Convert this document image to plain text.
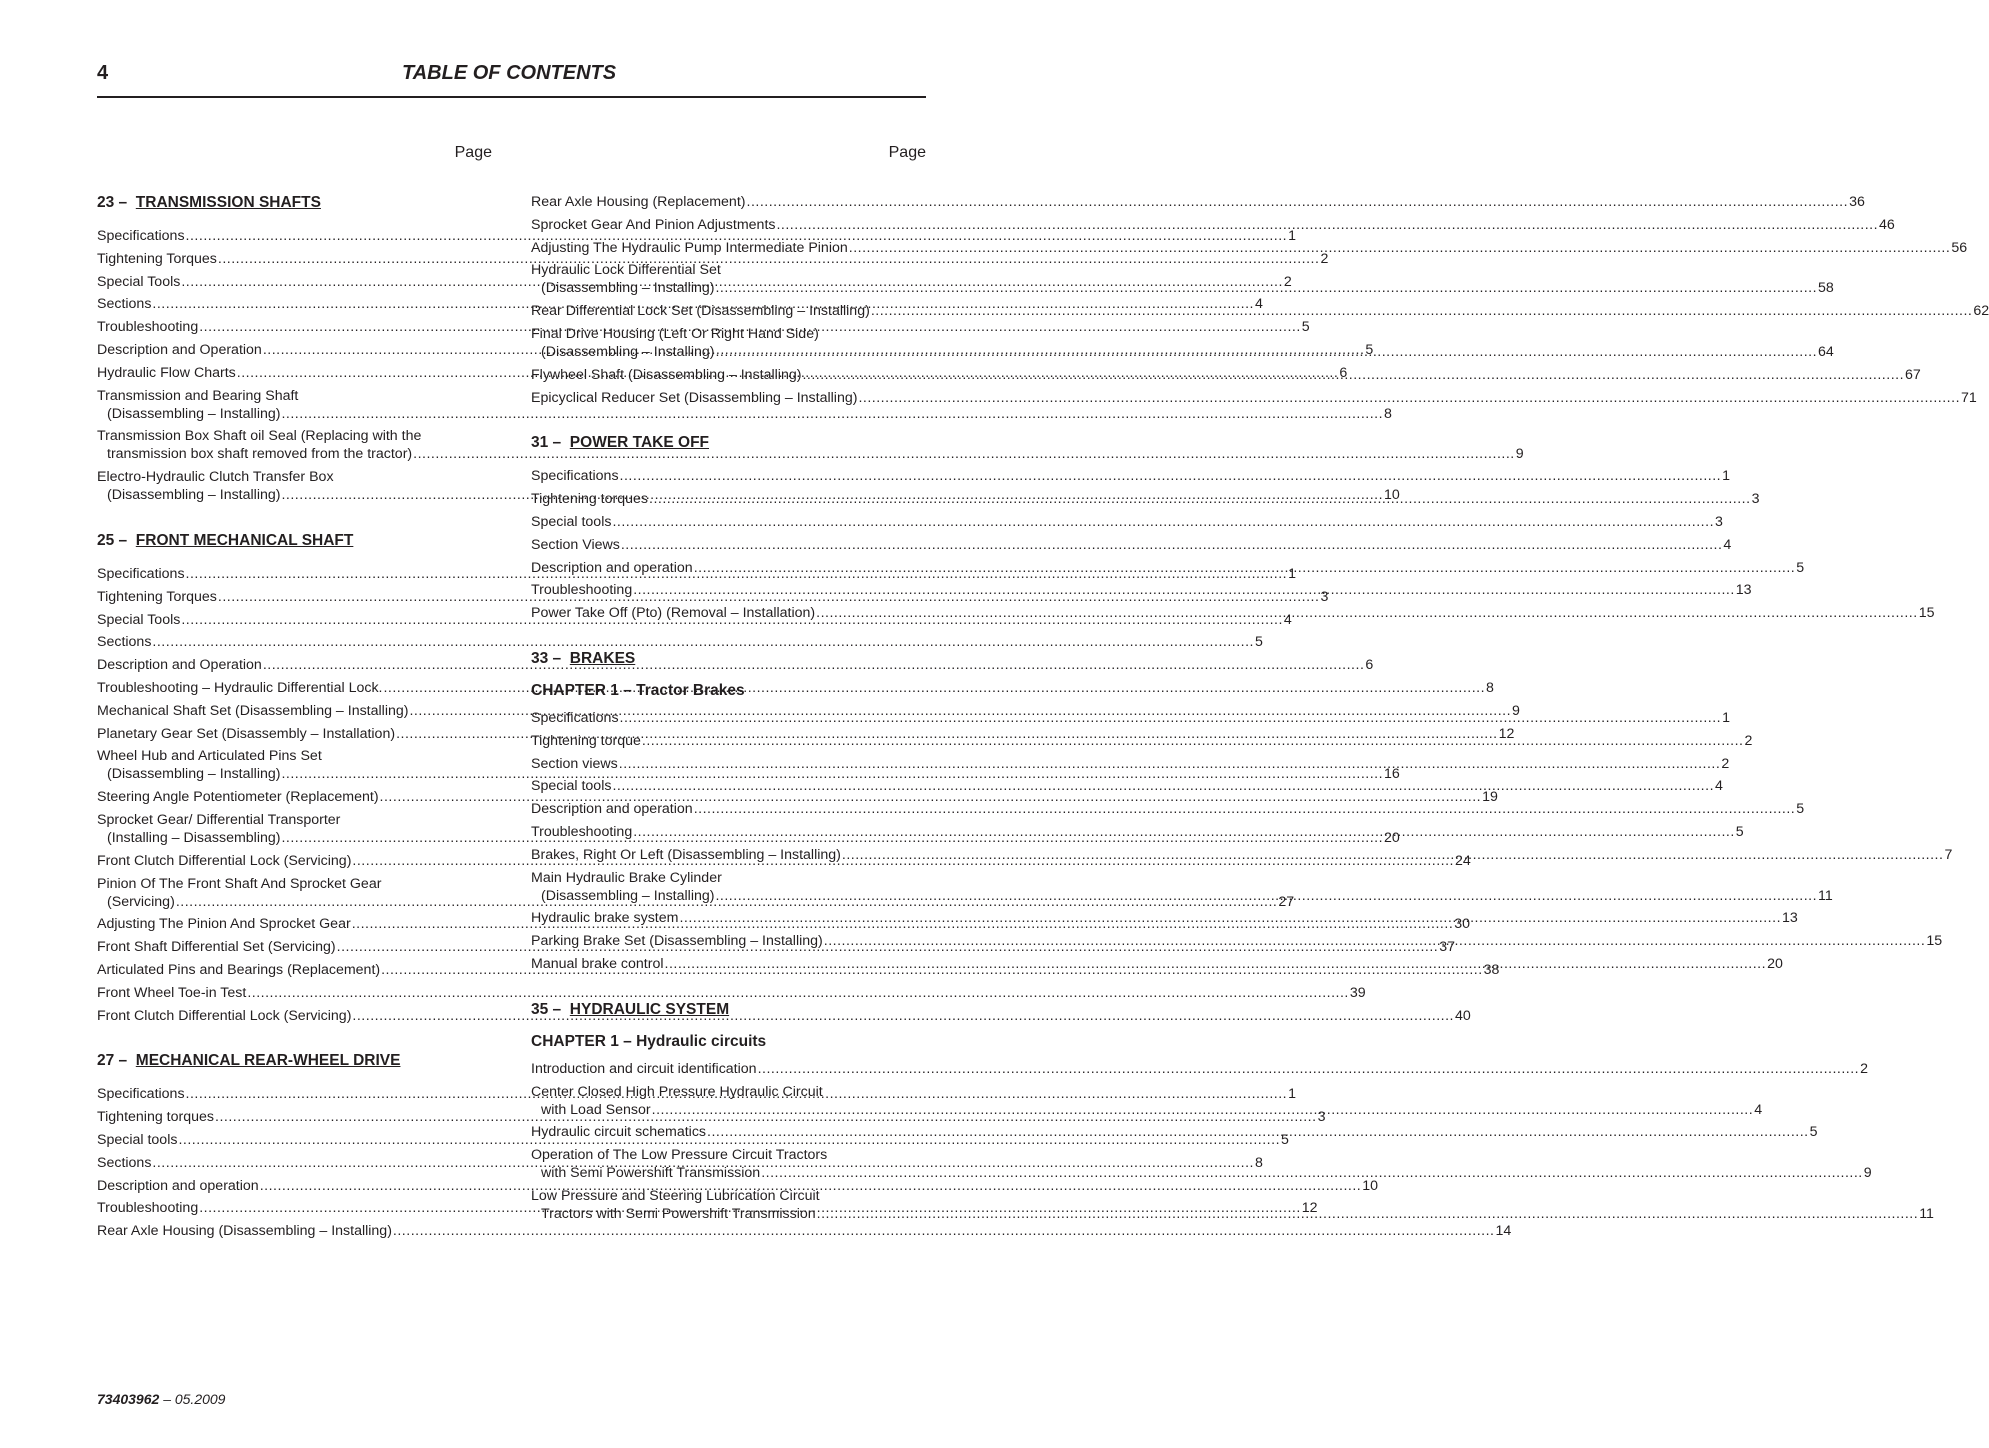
4	TABLE OF CONTENTS
Page
23 – TRANSMISSION SHAFTS
Specifications .....	1
Tightening Torques .....	2
Special Tools .....	2
Sections .....	4
Troubleshooting .....	5
Description and Operation .....	5
Hydraulic Flow Charts .....	6
Transmission and Bearing Shaft
(Disassembling – Installing) .....	8
Transmission Box Shaft oil Seal (Replacing with the
transmission box shaft removed from the tractor) .....	9
Electro-Hydraulic Clutch Transfer Box
(Disassembling – Installing) .....	10
25 – FRONT MECHANICAL SHAFT
Specifications .....	1
Tightening Torques .....	3
Special Tools .....	4
Sections .....	5
Description and Operation .....	6
Troubleshooting – Hydraulic Differential Lock. .....	8
Mechanical Shaft Set (Disassembling – Installing) .....	9
Planetary Gear Set (Disassembly – Installation) .....	12
Wheel Hub and Articulated Pins Set
(Disassembling – Installing) .....	16
Steering Angle Potentiometer (Replacement) .....	19
Sprocket Gear/ Differential Transporter
(Installing – Disassembling) .....	20
Front Clutch Differential Lock (Servicing) .....	24
Pinion Of The Front Shaft And Sprocket Gear
(Servicing) .....	27
Adjusting The Pinion And Sprocket Gear .....	30
Front Shaft Differential Set (Servicing) .....	37
Articulated Pins and Bearings (Replacement) .....	38
Front Wheel Toe-in Test .....	39
Front Clutch Differential Lock (Servicing) .....	40
27 – MECHANICAL REAR-WHEEL DRIVE
Specifications .....	1
Tightening torques .....	3
Special tools .....	5
Sections .....	8
Description and operation .....	10
Troubleshooting .....	12
Rear Axle Housing (Disassembling – Installing) .....	14
Page
Rear Axle Housing (Replacement) .....	36
Sprocket Gear And Pinion Adjustments .....	46
Adjusting The Hydraulic Pump Intermediate Pinion .....	56
Hydraulic Lock Differential Set
(Disassembling – Installing) .....	58
Rear Differential Lock Set (Disassembling – Installing) .....	62
Final Drive Housing (Left Or Right Hand Side)
(Disassembling – Installing) .....	64
Flywheel Shaft (Disassembling – Installing) .....	67
Epicyclical Reducer Set (Disassembling – Installing) .....	71
31 – POWER TAKE OFF
Specifications .....	1
Tightening torques .....	3
Special tools .....	3
Section Views .....	4
Description and operation .....	5
Troubleshooting .....	13
Power Take Off (Pto) (Removal – Installation) .....	15
33 – BRAKES
CHAPTER 1 – Tractor Brakes
Specifications .....	1
Tightening torque .....	2
Section views .....	2
Special tools .....	4
Description and operation .....	5
Troubleshooting .....	5
Brakes, Right Or Left (Disassembling – Installing) .....	7
Main Hydraulic Brake Cylinder
(Disassembling – Installing) .....	11
Hydraulic brake system .....	13
Parking Brake Set (Disassembling – Installing) .....	15
Manual brake control .....	20
35 – HYDRAULIC SYSTEM
CHAPTER 1 – Hydraulic circuits
Introduction and circuit identification .....	2
Center Closed High Pressure Hydraulic Circuit
with Load Sensor .....	4
Hydraulic circuit schematics .....	5
Operation of The Low Pressure Circuit Tractors
with Semi Powershift Transmission .....	9
Low Pressure and Steering Lubrication Circuit
Tractors with Semi Powershift Transmission .....	11
73403962 – 05.2009
